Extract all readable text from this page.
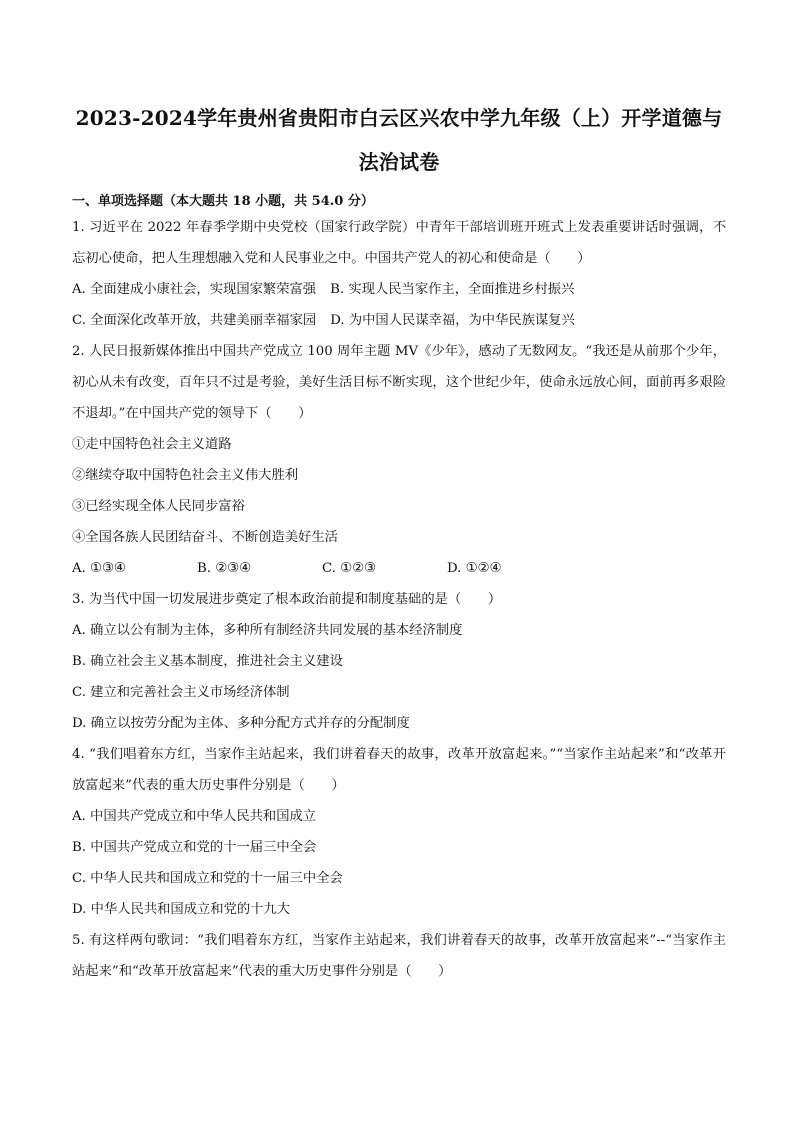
2023-2024学年贵州省贵阳市白云区兴农中学九年级（上）开学道德与
法治试卷
一、单项选择题（本大题共 18 小题，共 54.0 分）
1. 习近平在 2022 年春季学期中央党校（国家行政学院）中青年干部培训班开班式上发表重要讲话时强调，不忘初心使命，把人生理想融入党和人民事业之中。中国共产党人的初心和使命是（　　）
A. 全面建成小康社会，实现国家繁荣富强 B. 实现人民当家作主，全面推进乡村振兴
C. 全面深化改革开放，共建美丽幸福家园 D. 为中国人民谋幸福，为中华民族谋复兴
2. 人民日报新媒体推出中国共产党成立 100 周年主题 MV《少年》，感动了无数网友。“我还是从前那个少年，初心从未有改变，百年只不过是考验，美好生活目标不断实现，这个世纪少年，使命永远放心间，面前再多艰险不退却。”在中国共产党的领导下（　　）
①走中国特色社会主义道路
②继续夺取中国特色社会主义伟大胜利
③已经实现全体人民同步富裕
④全国各族人民团结奋斗、不断创造美好生活
A. ①③④	B. ②③④	C. ①②③	D. ①②④
3. 为当代中国一切发展进步奠定了根本政治前提和制度基础的是（　　）
A. 确立以公有制为主体，多种所有制经济共同发展的基本经济制度
B. 确立社会主义基本制度，推进社会主义建设
C. 建立和完善社会主义市场经济体制
D. 确立以按劳分配为主体、多种分配方式并存的分配制度
4. “我们唱着东方红，当家作主站起来，我们讲着春天的故事，改革开放富起来。”“当家作主站起来”和“改革开放富起来”代表的重大历史事件分别是（　　）
A. 中国共产党成立和中华人民共和国成立
B. 中国共产党成立和党的十一届三中全会
C. 中华人民共和国成立和党的十一届三中全会
D. 中华人民共和国成立和党的十九大
5. 有这样两句歌词：“我们唱着东方红，当家作主站起来，我们讲着春天的故事，改革开放富起来”--“当家作主站起来”和“改革开放富起来”代表的重大历史事件分别是（　　）
